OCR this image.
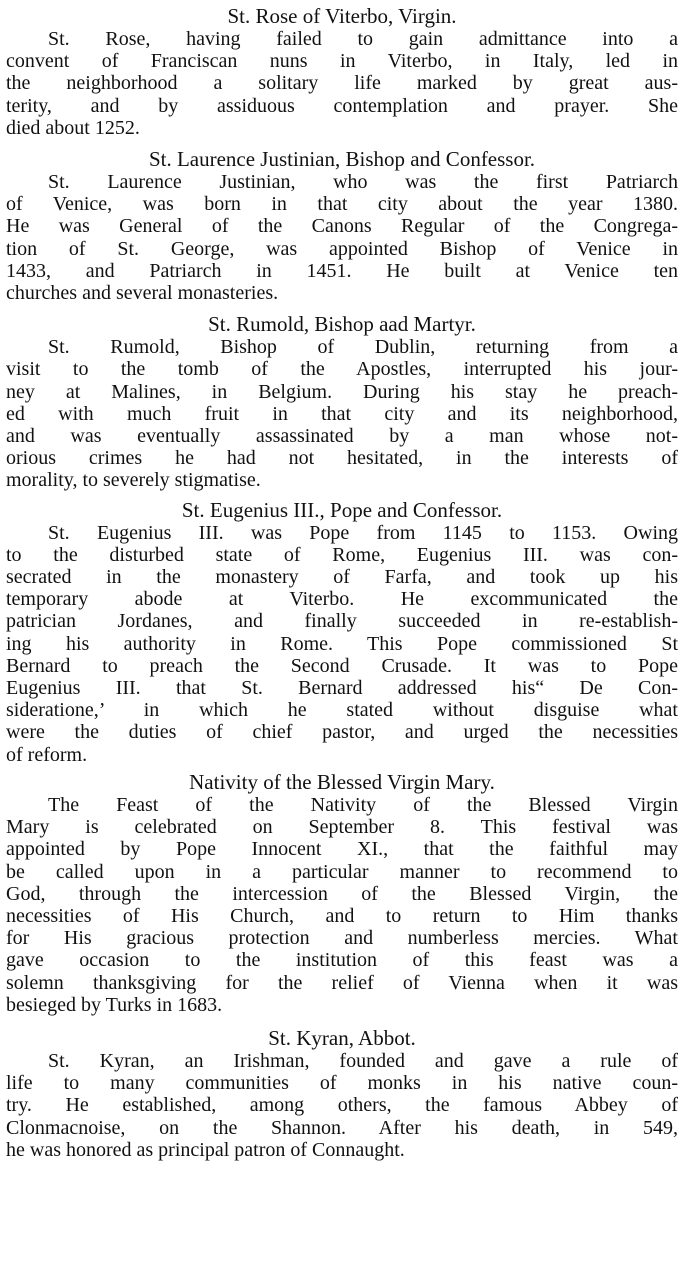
St. Rose of Viterbo, Virgin.
St. Rose, having failed to gain admittance into a
convent of Franciscan nuns in Viterbo, in Italy, led in
the neighborhood a solitary life marked by great aus-
terity, and by assiduous contemplation and prayer. She
died about 1252.
St. Laurence Justinian, Bishop and Confessor.
St. Laurence Justinian, who was the first Patriarch
of Venice, was born in that city about the year 1380.
He was General of the Canons Regular of the Congrega-
tion of St. George, was appointed Bishop of Venice in
1433, and Patriarch in 1451. He built at Venice ten
churches and several monasteries.
St. Rumold, Bishop aad Martyr.
St. Rumold, Bishop of Dublin, returning from a
visit to the tomb of the Apostles, interrupted his jour-
ney at Malines, in Belgium. During his stay he preach-
ed with much fruit in that city and its neighborhood,
and was eventually assassinated by a man whose not-
orious crimes he had not hesitated, in the interests of
morality, to severely stigmatise.
St. Eugenius III., Pope and Confessor.
St. Eugenius III. was Pope from 1145 to 1153. Owing
to the disturbed state of Rome, Eugenius III. was con-
secrated in the monastery of Farfa, and took up his
temporary abode at Viterbo. He excommunicated the
patrician Jordanes, and finally succeeded in re-establish-
ing his authority in Rome. This Pope commissioned St
Bernard to preach the Second Crusade. It was to Pope
Eugenius III. that St. Bernard addressed his“ De Con-
sideratione,’ in which he stated without disguise what
were the duties of chief pastor, and urged the necessities
of reform.
Nativity of the Blessed Virgin Mary.
The Feast of the Nativity of the Blessed Virgin
Mary is celebrated on September 8. This festival was
appointed by Pope Innocent XI., that the faithful may
be called upon in a particular manner to recommend to
God, through the intercession of the Blessed Virgin, the
necessities of His Church, and to return to Him thanks
for His gracious protection and numberless mercies. What
gave occasion to the institution of this feast was a
solemn thanksgiving for the relief of Vienna when it was
besieged by Turks in 1683.
St. Kyran, Abbot.
St. Kyran, an Irishman, founded and gave a rule of
life to many communities of monks in his native coun-
try. He established, among others, the famous Abbey of
Clonmacnoise, on the Shannon. After his death, in 549,
he was honored as principal patron of Connaught.
